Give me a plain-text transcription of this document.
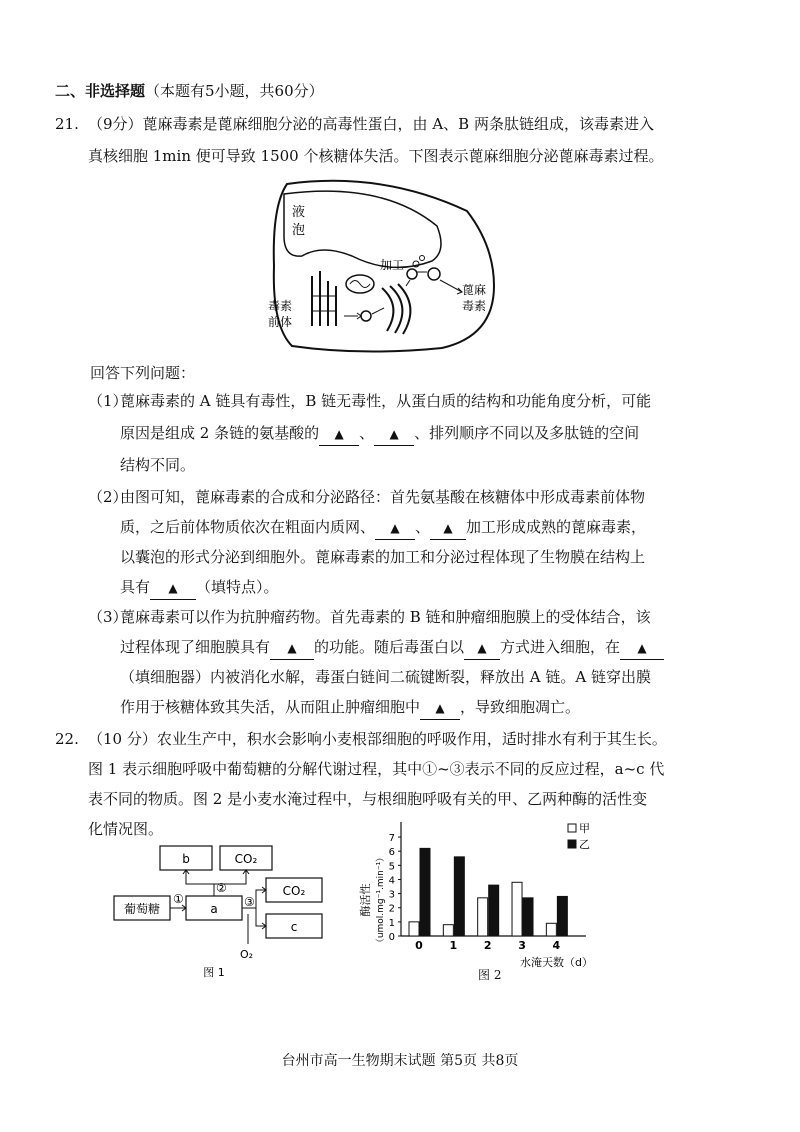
二、非选择题（本题有5小题，共60分）
21. （9分）蓖麻毒素是蓖麻细胞分泌的高毒性蛋白，由 A、B 两条肽链组成，该毒素进入
真核细胞 1min 便可导致 1500 个核糖体失活。下图表示蓖麻细胞分泌蓖麻毒素过程。
液
泡
加工
毒素
前体
蓖麻
毒素
回答下列问题：
（1）
蓖麻毒素的 A 链具有毒性，B 链无毒性，从蛋白质的结构和功能角度分析，可能
原因是组成 2 条链的氨基酸的 ▲ 、 ▲ 、排列顺序不同以及多肽链的空间
结构不同。
（2）
由图可知，蓖麻毒素的合成和分泌路径：首先氨基酸在核糖体中形成毒素前体物
质，之后前体物质依次在粗面内质网、 ▲ 、 ▲ 加工形成成熟的蓖麻毒素，
以囊泡的形式分泌到细胞外。蓖麻毒素的加工和分泌过程体现了生物膜在结构上
具有 ▲ （填特点）。
（3）
蓖麻毒素可以作为抗肿瘤药物。首先毒素的 B 链和肿瘤细胞膜上的受体结合，该
过程体现了细胞膜具有 ▲ 的功能。随后毒蛋白以 ▲ 方式进入细胞，在 ▲
（填细胞器）内被消化水解，毒蛋白链间二硫键断裂，释放出 A 链。A 链穿出膜
作用于核糖体致其失活，从而阻止肿瘤细胞中 ▲ ，导致细胞凋亡。
22. （10 分）农业生产中，积水会影响小麦根部细胞的呼吸作用，适时排水有利于其生长。
图 1 表示细胞呼吸中葡萄糖的分解代谢过程，其中①~③表示不同的反应过程，a~c 代
表不同的物质。图 2 是小麦水淹过程中，与根细胞呼吸有关的甲、乙两种酶的活性变
化情况图。
b	CO₂
葡萄糖	a
CO₂
c
①
②
③
O₂
图 1
0
1
2
3
4
5
6
7
0 1 2 3 4
水淹天数（d）
酶活性 （umol.mg⁻¹.min⁻¹）
甲
乙
图 2
台州市高一生物期末试题 第5页 共8页
